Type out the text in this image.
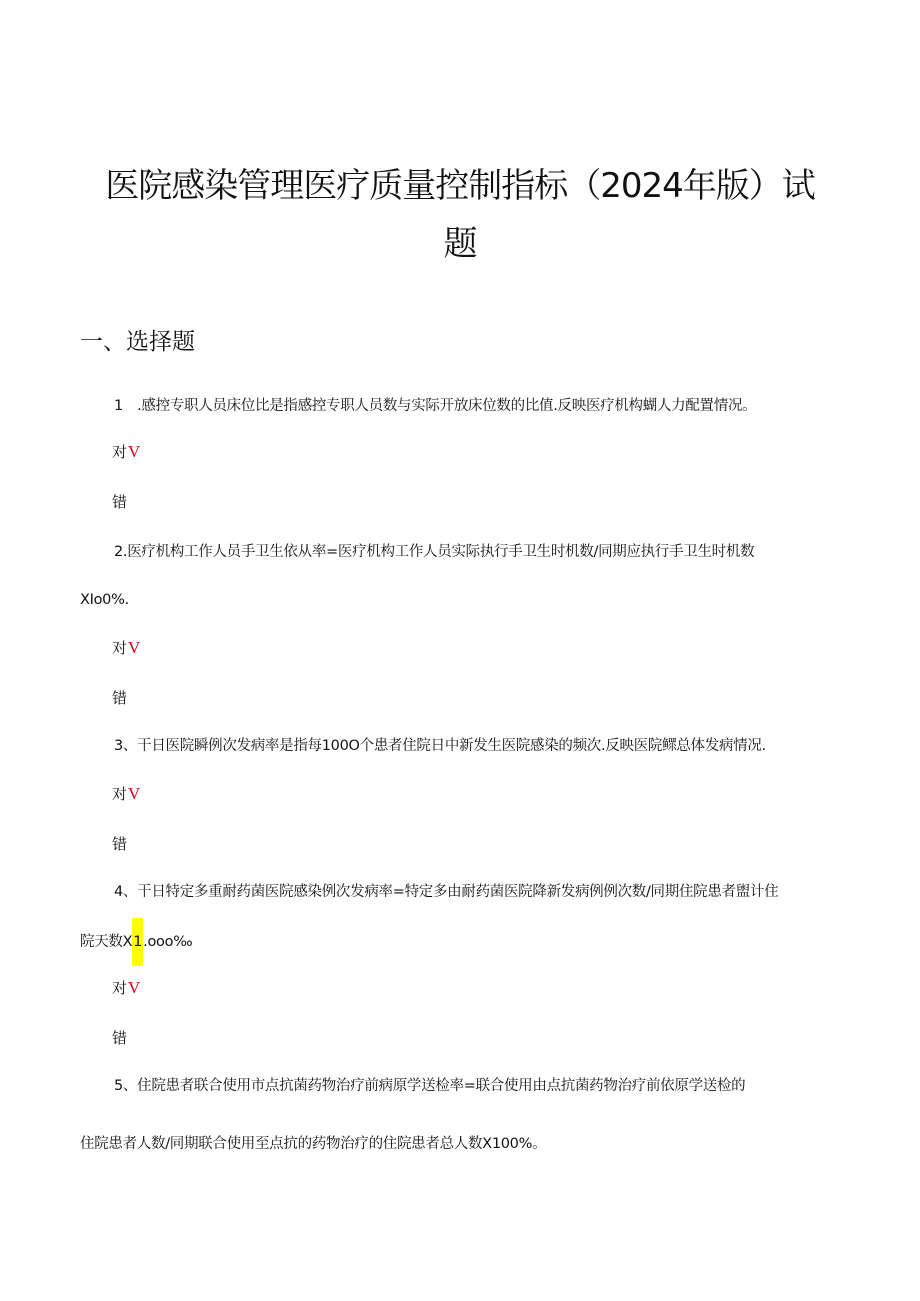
医院感染管理医疗质量控制指标（2024年版）试
题
一、选择题
1　.感控专职人员床位比是指感控专职人员数与实际开放床位数的比值.反映医疗机构蝴人力配置情况。
对V
错
2.医疗机构工作人员手卫生依从率=医疗机构工作人员实际执行手卫生时机数/同期应执行手卫生时机数
XIo0%.
对V
错
3、干日医院瞬例次发病率是指每100O个患者住院日中新发生医院感染的频次.反映医院鳏总体发病情况.
对V
错
4、干日特定多重耐药菌医院感染例次发病率=特定多由耐药菌医院降新发病例例次数/同期住院患者盥计住
院天数X1.ooo‰
对V
错
5、住院患者联合使用市点抗菌药物治疗前病原学送检率=联合使用由点抗菌药物治疗前依原学送检的
住院患者人数/同期联合使用至点抗的药物治疗的住院患者总人数X100%。
